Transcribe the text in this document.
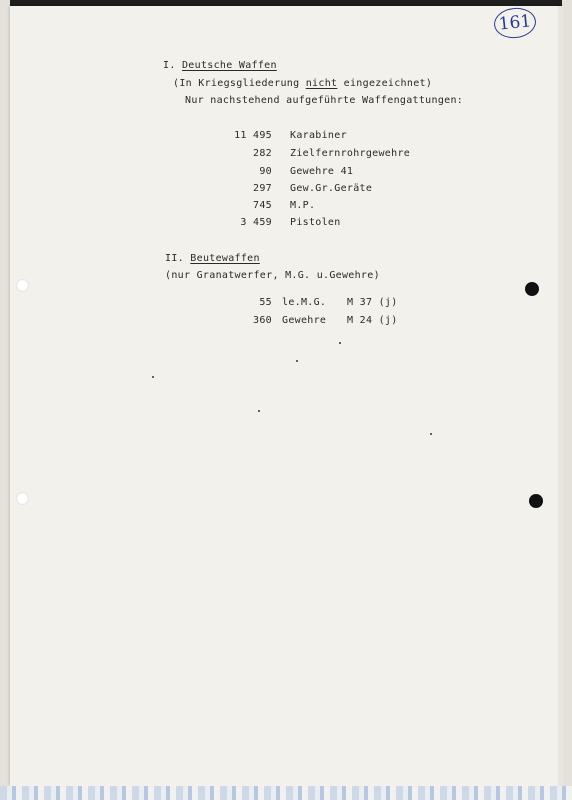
161
I. Deutsche Waffen
(In Kriegsgliederung nicht eingezeichnet)
Nur nachstehend aufgeführte Waffengattungen:
11 495 Karabiner
282 Zielfernrohrgewehre
90 Gewehre 41
297 Gew.Gr.Geräte
745 M.P.
3 459 Pistolen
II. Beutewaffen
(nur Granatwerfer, M.G. u.Gewehre)
55 le.M.G. M 37 (j)
360 Gewehre M 24 (j)
